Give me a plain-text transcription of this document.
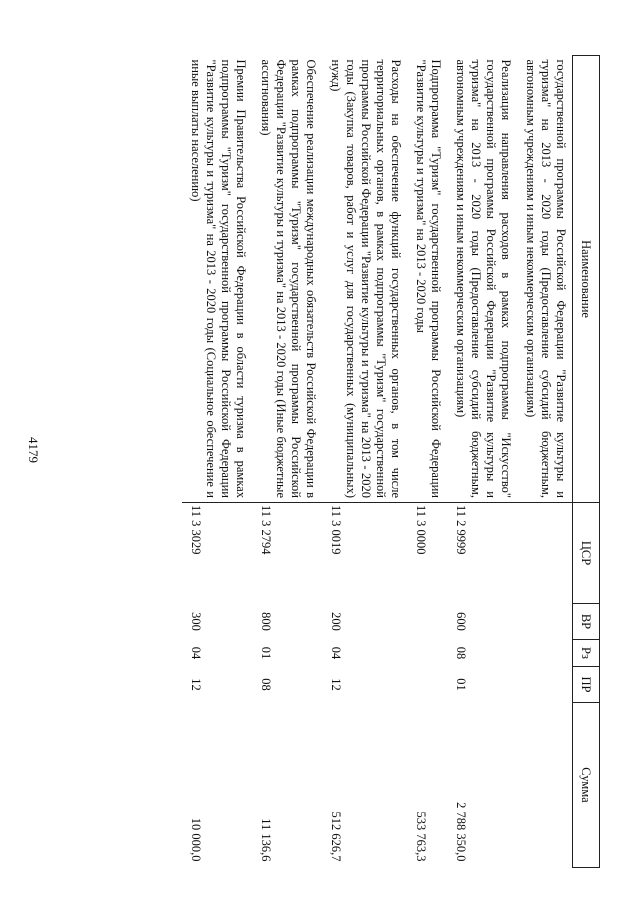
4179
Наименование	ЦСР	ВР	Рз	ПР	Сумма
государственной программы Российской Федерации "Развитие культуры и туризма" на 2013 - 2020 годы (Предоставление субсидий бюджетным, автономным учреждениям и иным некоммерческим организациям)					
Реализация направления расходов в рамках подпрограммы "Искусство" государственной программы Российской Федерации "Развитие культуры и туризма" на 2013 - 2020 годы (Предоставление субсидий бюджетным, автономным учреждениям и иным некоммерческим организациям)	11 2 9999	600	08	01	2 788 350,0
Подпрограмма "Туризм" государственной программы Российской Федерации "Развитие культуры и туризма" на 2013 - 2020 годы	11 3 0000				533 763,3
Расходы на обеспечение функций государственных органов, в том числе территориальных органов, в рамках подпрограммы "Туризм" государственной программы Российской Федерации "Развитие культуры и туризма" на 2013 - 2020 годы (Закупка товаров, работ и услуг для государственных (муниципальных) нужд)	11 3 0019	200	04	12	512 626,7
Обеспечение реализации международных обязательств Российской Федерации в рамках подпрограммы "Туризм" государственной программы Российской Федерации "Развитие культуры и туризма" на 2013 - 2020 годы (Иные бюджетные ассигнования)	11 3 2794	800	01	08	11 136,6
Премии Правительства Российской Федерации в области туризма в рамках подпрограммы "Туризм" государственной программы Российской Федерации "Развитие культуры и туризма" на 2013 - 2020 годы (Социальное обеспечение и иные выплаты населению)	11 3 3029	300	04	12	10 000,0
